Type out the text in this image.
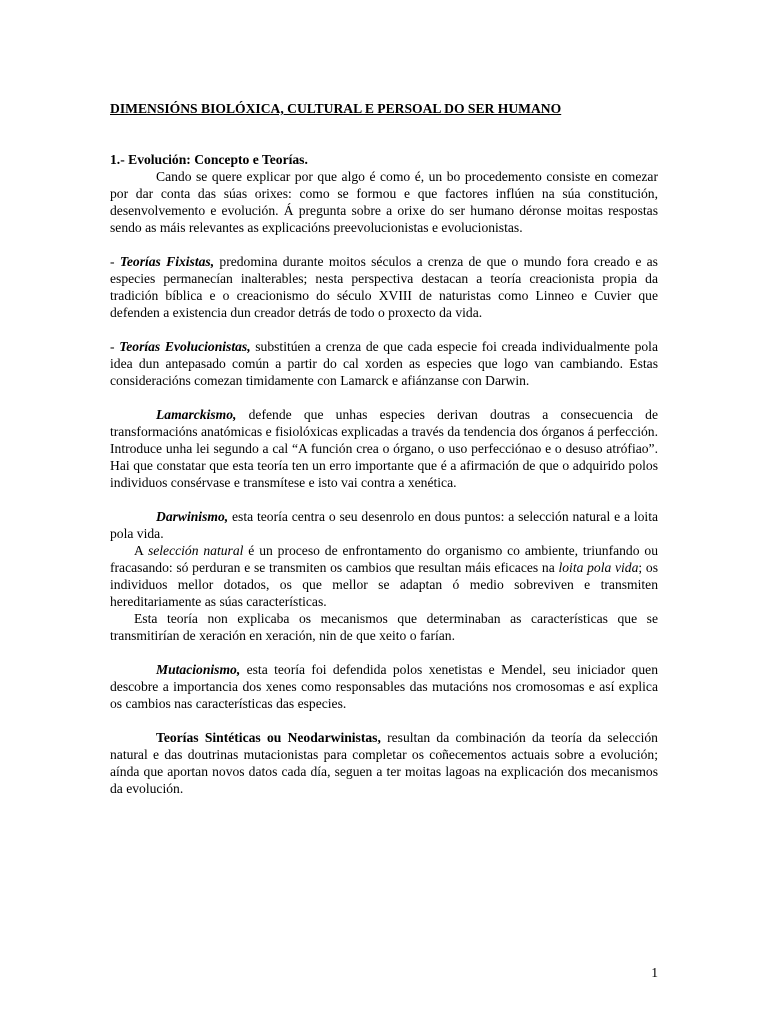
DIMENSIÓNS BIOLÓXICA, CULTURAL E PERSOAL DO SER HUMANO

1.- Evolución: Concepto e Teorías.

Cando se quere explicar por que algo é como é, un bo procedemento consiste en comezar por dar conta das súas orixes: como se formou e que factores inflúen na súa constitución, desenvolvemento e evolución. Á pregunta sobre a orixe do ser humano déronse moitas respostas sendo as máis relevantes as explicacións preevolucionistas e evolucionistas.

- Teorías Fixistas, predomina durante moitos séculos a crenza de que o mundo fora creado e as especies permanecían inalterables; nesta perspectiva destacan a teoría creacionista propia da tradición bíblica e o creacionismo do século XVIII de naturistas como Linneo e Cuvier que defenden a existencia dun creador detrás de todo o proxecto da vida.

- Teorías Evolucionistas, substitúen a crenza de que cada especie foi creada individualmente pola idea dun antepasado común a partir do cal xorden as especies que logo van cambiando. Estas consideracións comezan timidamente con Lamarck e afiánzanse con Darwin.

Lamarckismo, defende que unhas especies derivan doutras a consecuencia de transformacións anatómicas e fisiolóxicas explicadas a través da tendencia dos órganos á perfección. Introduce unha lei segundo a cal “A función crea o órgano, o uso perfecciónao e o desuso atrófiao”. Hai que constatar que esta teoría ten un erro importante que é a afirmación de que o adquirido polos individuos consérvase e transmítese e isto vai contra a xenética.

Darwinismo, esta teoría centra o seu desenrolo en dous puntos: a selección natural e a loita pola vida.

A selección natural é un proceso de enfrontamento do organismo co ambiente, triunfando ou fracasando: só perduran e se transmiten os cambios que resultan máis eficaces na loita pola vida; os individuos mellor dotados, os que mellor se adaptan ó medio sobreviven e transmiten hereditariamente as súas características.

Esta teoría non explicaba os mecanismos que determinaban as características que se transmitirían de xeración en xeración, nin de que xeito o farían.

Mutacionismo, esta teoría foi defendida polos xenetistas e Mendel, seu iniciador quen descobre a importancia dos xenes como responsables das mutacións nos cromosomas e así explica os cambios nas características das especies.

Teorías Sintéticas ou Neodarwinistas, resultan da combinación da teoría da selección natural e das doutrinas mutacionistas para completar os coñecementos actuais sobre a evolución; aínda que aportan novos datos cada día, seguen a ter moitas lagoas na explicación dos mecanismos da evolución.

1
